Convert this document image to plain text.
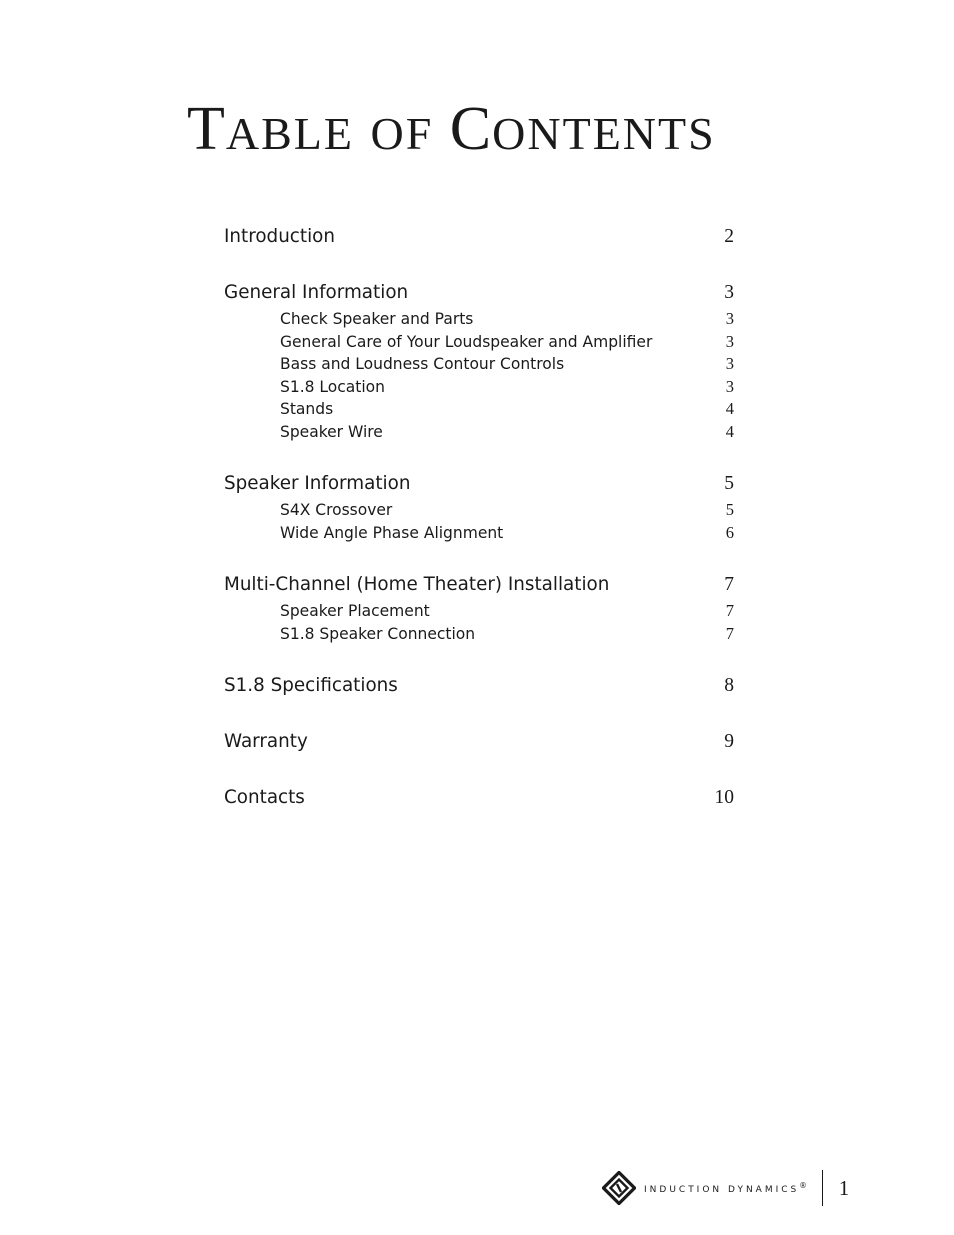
TABLE OF CONTENTS
Introduction	2
General Information	3
Check Speaker and Parts	3
General Care of Your Loudspeaker and Amplifier	3
Bass and Loudness Contour Controls	3
S1.8 Location	3
Stands	4
Speaker Wire	4
Speaker Information	5
S4X Crossover	5
Wide Angle Phase Alignment	6
Multi-Channel (Home Theater) Installation	7
Speaker Placement	7
S1.8 Speaker Connection	7
S1.8 Specifications	8
Warranty	9
Contacts	10
INDUCTION DYNAMICS® 1
